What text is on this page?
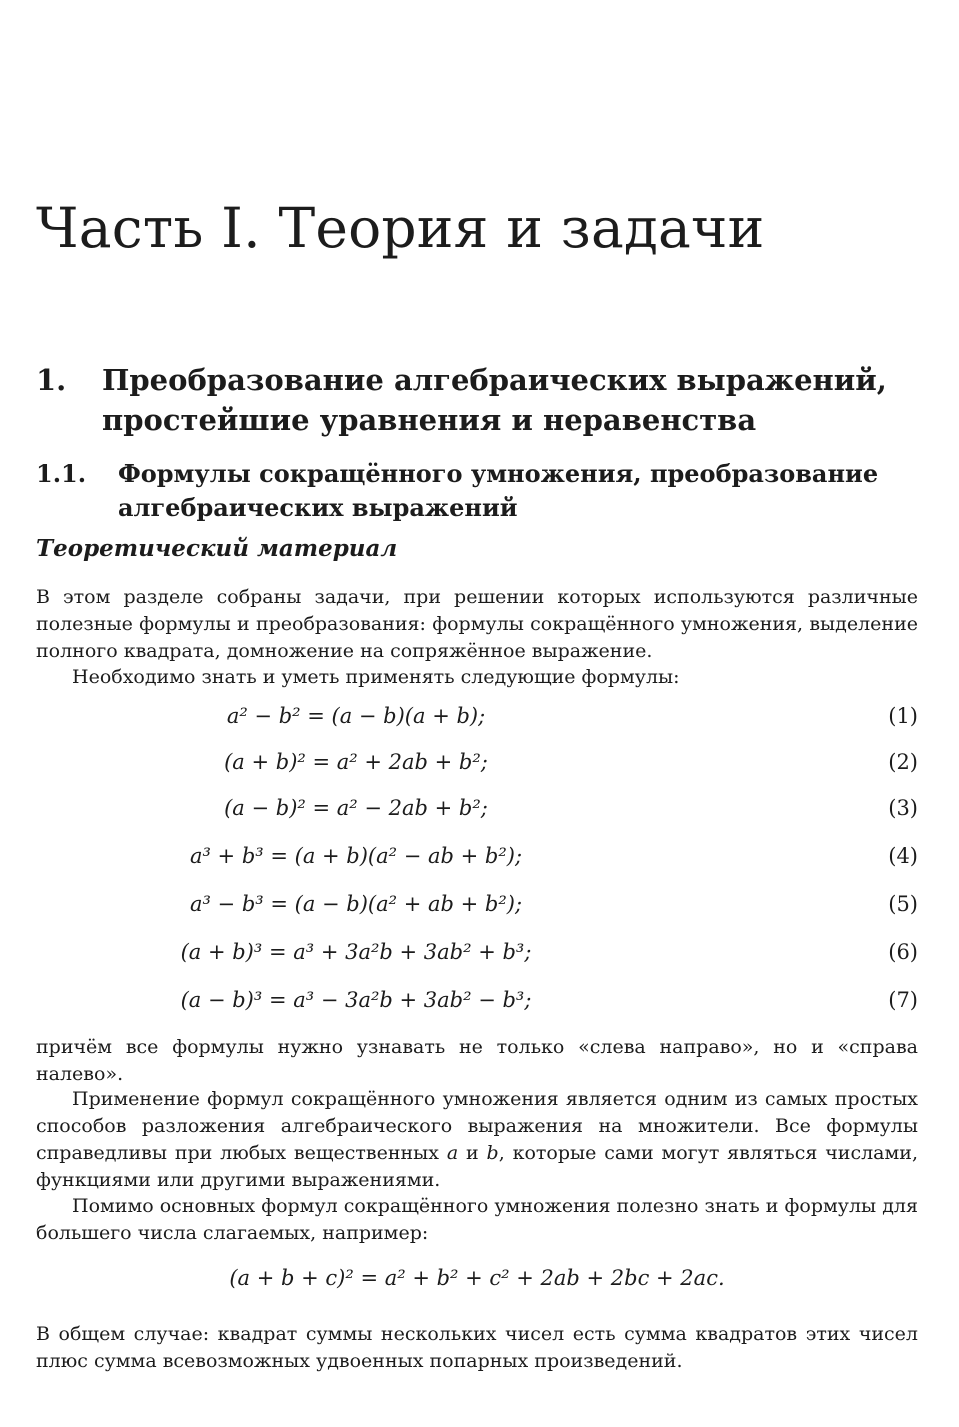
Часть I. Теория и задачи
1. Преобразование алгебраических выражений, простейшие уравнения и неравенства
1.1. Формулы сокращённого умножения, преобразование алгебраических выражений
Теоретический материал

В этом разделе собраны задачи, при решении которых используются различные полезные формулы и преобразования: формулы сокращённого умножения, выделение полного квадрата, домножение на сопряжённое выражение.

Необходимо знать и уметь применять следующие формулы:

a² − b² = (a − b)(a + b);	(1)
(a + b)² = a² + 2ab + b²;	(2)
(a − b)² = a² − 2ab + b²;	(3)
a³ + b³ = (a + b)(a² − ab + b²);	(4)
a³ − b³ = (a − b)(a² + ab + b²);	(5)
(a + b)³ = a³ + 3a²b + 3ab² + b³;	(6)
(a − b)³ = a³ − 3a²b + 3ab² − b³;	(7)

причём все формулы нужно узнавать не только «слева направо», но и «справа налево».

Применение формул сокращённого умножения является одним из самых простых способов разложения алгебраического выражения на множители. Все формулы справедливы при любых вещественных a и b, которые сами могут являться числами, функциями или другими выражениями.

Помимо основных формул сокращённого умножения полезно знать и формулы для большего числа слагаемых, например:

(a + b + c)² = a² + b² + c² + 2ab + 2bc + 2ac.

В общем случае: квадрат суммы нескольких чисел есть сумма квадратов этих чисел плюс сумма всевозможных удвоенных попарных произведений.
